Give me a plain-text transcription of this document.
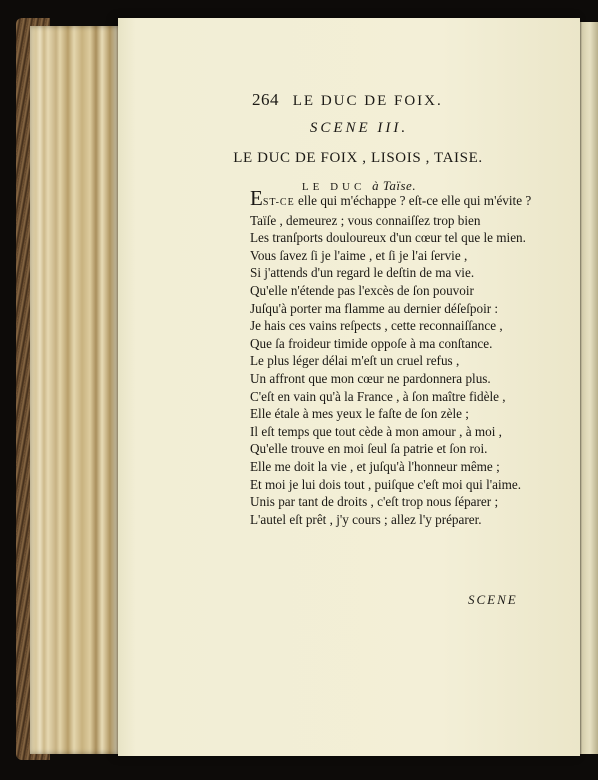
264 LE DUC DE FOIX.
SCENE III.
LE DUC DE FOIX , LISOIS , TAISE.
LE DUC à Taïse.
EST-CE elle qui m'échappe ? eſt-ce elle qui m'évite ?
Taïſe , demeurez ; vous connaiſſez trop bien
Les tranſports douloureux d'un cœur tel que le mien.
Vous ſavez ſi je l'aime , et ſi je l'ai ſervie ,
Si j'attends d'un regard le deſtin de ma vie.
Qu'elle n'étende pas l'excès de ſon pouvoir
Juſqu'à porter ma flamme au dernier déſeſpoir :
Je hais ces vains reſpects , cette reconnaiſſance ,
Que ſa froideur timide oppoſe à ma conſtance.
Le plus léger délai m'eſt un cruel refus ,
Un affront que mon cœur ne pardonnera plus.
C'eſt en vain qu'à la France , à ſon maître fidèle ,
Elle étale à mes yeux le faſte de ſon zèle ;
Il eſt temps que tout cède à mon amour , à moi ,
Qu'elle trouve en moi ſeul ſa patrie et ſon roi.
Elle me doit la vie , et juſqu'à l'honneur même ;
Et moi je lui dois tout , puiſque c'eſt moi qui l'aime.
Unis par tant de droits , c'eſt trop nous ſéparer ;
L'autel eſt prêt , j'y cours ; allez l'y préparer.
SCENE
